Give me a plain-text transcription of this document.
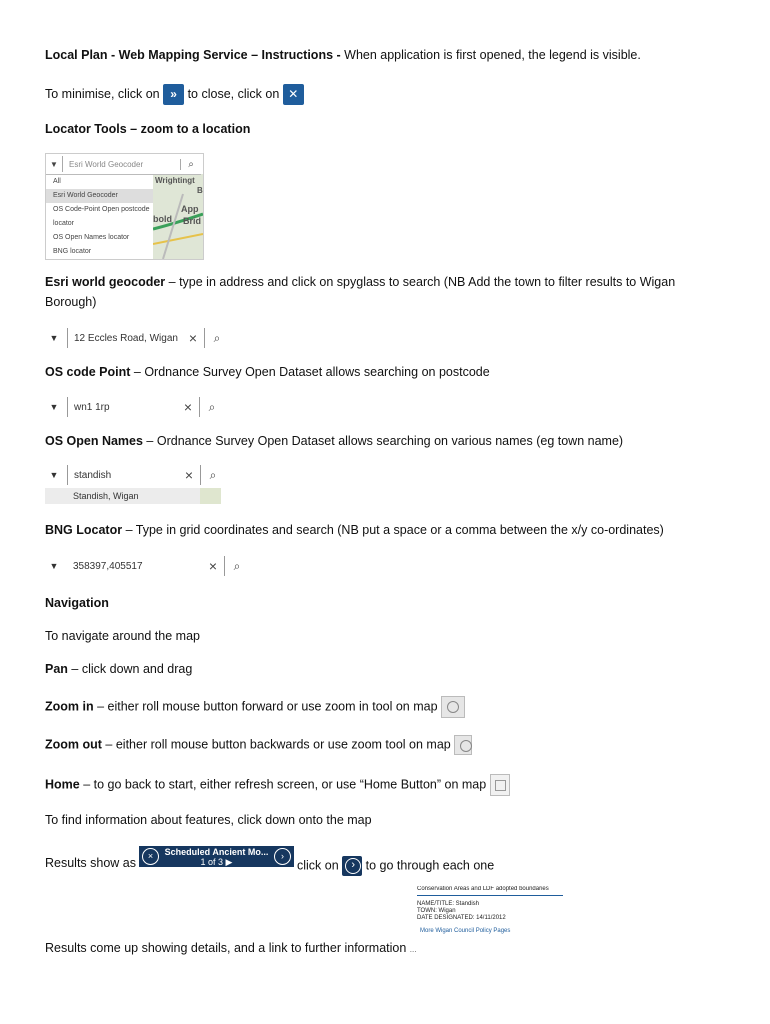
Local Plan - Web Mapping Service – Instructions - When application is first opened, the legend is visible.
To minimise, click on » to close, click on ✕
Locator Tools – zoom to a location
Wrightingt
B
App
bold Brid
▼	Esri World Geocoder	⌕
All
Esri World Geocoder
OS Code-Point Open postcode
locator
OS Open Names locator
BNG locator
Esri world geocoder – type in address and click on spyglass to search (NB Add the town to filter results to Wigan
Borough)
▼	12 Eccles Road, Wigan ×	⌕
OS code Point – Ordnance Survey Open Dataset allows searching on postcode
▼	wn1 1rp	×	⌕
OS Open Names – Ordnance Survey Open Dataset allows searching on various names (eg town name)
▼	standish	×	⌕
Standish, Wigan
BNG Locator – Type in grid coordinates and search (NB put a space or a comma between the x/y co-ordinates)
▼	358397,405517	×	⌕
Navigation
To navigate around the map
Pan – click down and drag
Zoom in – either roll mouse button forward or use zoom in tool on map
Zoom out – either roll mouse button backwards or use zoom tool on map
Home – to go back to start, either refresh screen, or use “Home Button” on map
To find information about features, click down onto the map
Results show as	×	Scheduled Ancient Mo...
1 of 3 ▶
›
click on › to go through each one
Conservation Areas and LDF adopted boundaries
NAME/TITLE: Standish
TOWN: Wigan
DATE DESIGNATED: 14/11/2012
More Wigan Council Policy Pages
Results come up showing details, and a link to further information ...
